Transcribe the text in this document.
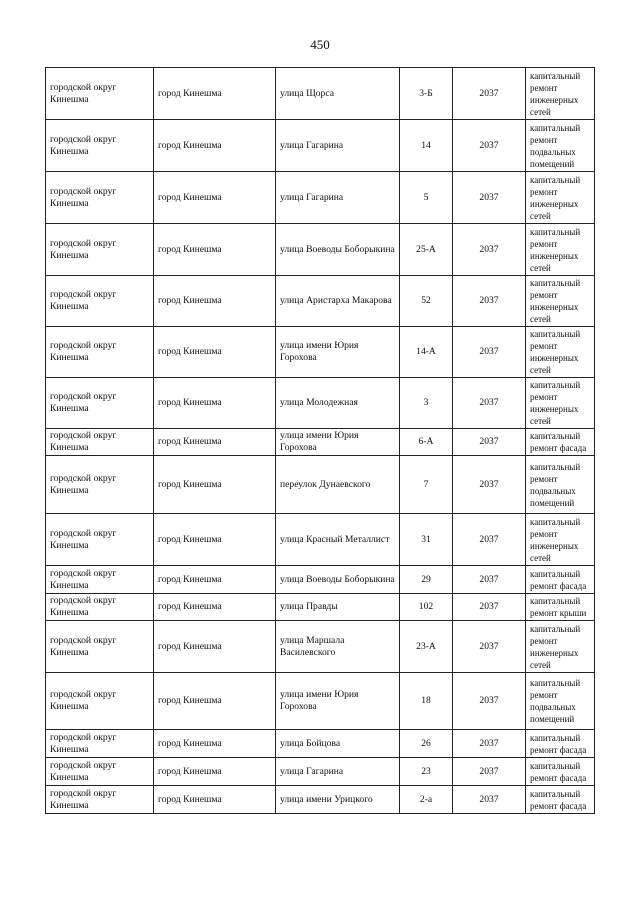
450
городской округ Кинешма	город Кинешма	улица Щорса	3-Б	2037	капитальный ремонт инженерных сетей
городской округ Кинешма	город Кинешма	улица Гагарина	14	2037	капитальный ремонт подвальных помещений
городской округ Кинешма	город Кинешма	улица Гагарина	5	2037	капитальный ремонт инженерных сетей
городской округ Кинешма	город Кинешма	улица Воеводы Боборыкина	25-А	2037	капитальный ремонт инженерных сетей
городской округ Кинешма	город Кинешма	улица Аристарха Макарова	52	2037	капитальный ремонт инженерных сетей
городской округ Кинешма	город Кинешма	улица имени Юрия Горохова	14-А	2037	капитальный ремонт инженерных сетей
городской округ Кинешма	город Кинешма	улица Молодежная	3	2037	капитальный ремонт инженерных сетей
городской округ Кинешма	город Кинешма	улица имени Юрия Горохова	6-А	2037	капитальный ремонт фасада
городской округ Кинешма	город Кинешма	переулок Дунаевского	7	2037	капитальный ремонт подвальных помещений
городской округ Кинешма	город Кинешма	улица Красный Металлист	31	2037	капитальный ремонт инженерных сетей
городской округ Кинешма	город Кинешма	улица Воеводы Боборыкина	29	2037	капитальный ремонт фасада
городской округ Кинешма	город Кинешма	улица Правды	102	2037	капитальный ремонт крыши
городской округ Кинешма	город Кинешма	улица Маршала Василевского	23-А	2037	капитальный ремонт инженерных сетей
городской округ Кинешма	город Кинешма	улица имени Юрия Горохова	18	2037	капитальный ремонт подвальных помещений
городской округ Кинешма	город Кинешма	улица Бойцова	26	2037	капитальный ремонт фасада
городской округ Кинешма	город Кинешма	улица Гагарина	23	2037	капитальный ремонт фасада
городской округ Кинешма	город Кинешма	улица имени Урицкого	2-а	2037	капитальный ремонт фасада
